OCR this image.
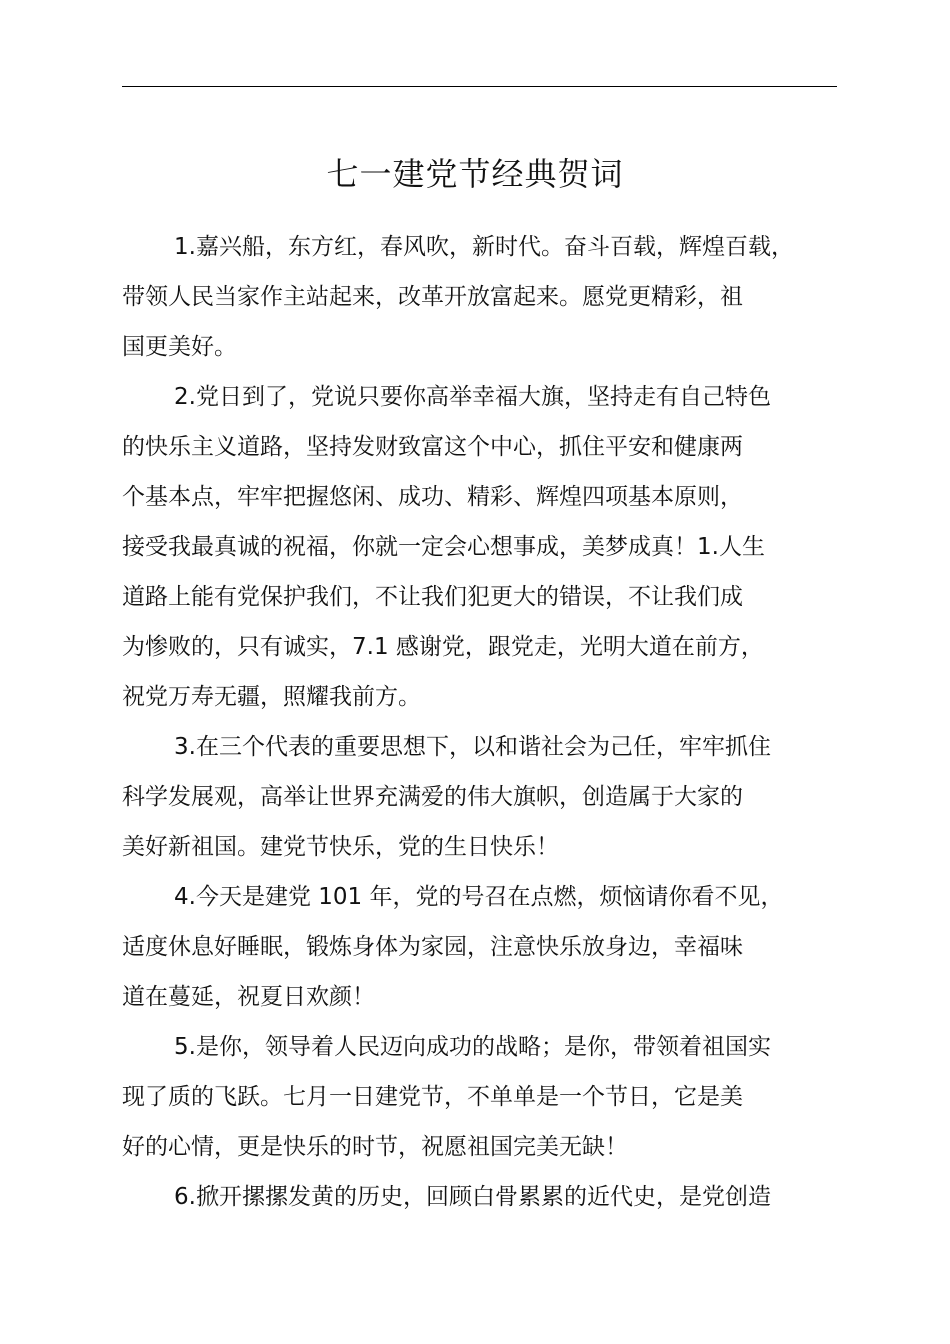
七一建党节经典贺词

1.嘉兴船，东方红，春风吹，新时代。奋斗百载，辉煌百载，
带领人民当家作主站起来，改革开放富起来。愿党更精彩，祖
国更美好。

2.党日到了，党说只要你高举幸福大旗，坚持走有自己特色
的快乐主义道路，坚持发财致富这个中心，抓住平安和健康两
个基本点，牢牢把握悠闲、成功、精彩、辉煌四项基本原则，
接受我最真诚的祝福，你就一定会心想事成，美梦成真！1.人生
道路上能有党保护我们，不让我们犯更大的错误，不让我们成
为惨败的，只有诚实，7.1 感谢党，跟党走，光明大道在前方，
祝党万寿无疆，照耀我前方。

3.在三个代表的重要思想下，以和谐社会为己任，牢牢抓住
科学发展观，高举让世界充满爱的伟大旗帜，创造属于大家的
美好新祖国。建党节快乐，党的生日快乐！

4.今天是建党 101 年，党的号召在点燃，烦恼请你看不见，
适度休息好睡眠，锻炼身体为家园，注意快乐放身边，幸福味
道在蔓延，祝夏日欢颜！

5.是你，领导着人民迈向成功的战略；是你，带领着祖国实
现了质的飞跃。七月一日建党节，不单单是一个节日，它是美
好的心情，更是快乐的时节，祝愿祖国完美无缺！

6.掀开摞摞发黄的历史，回顾白骨累累的近代史，是党创造
